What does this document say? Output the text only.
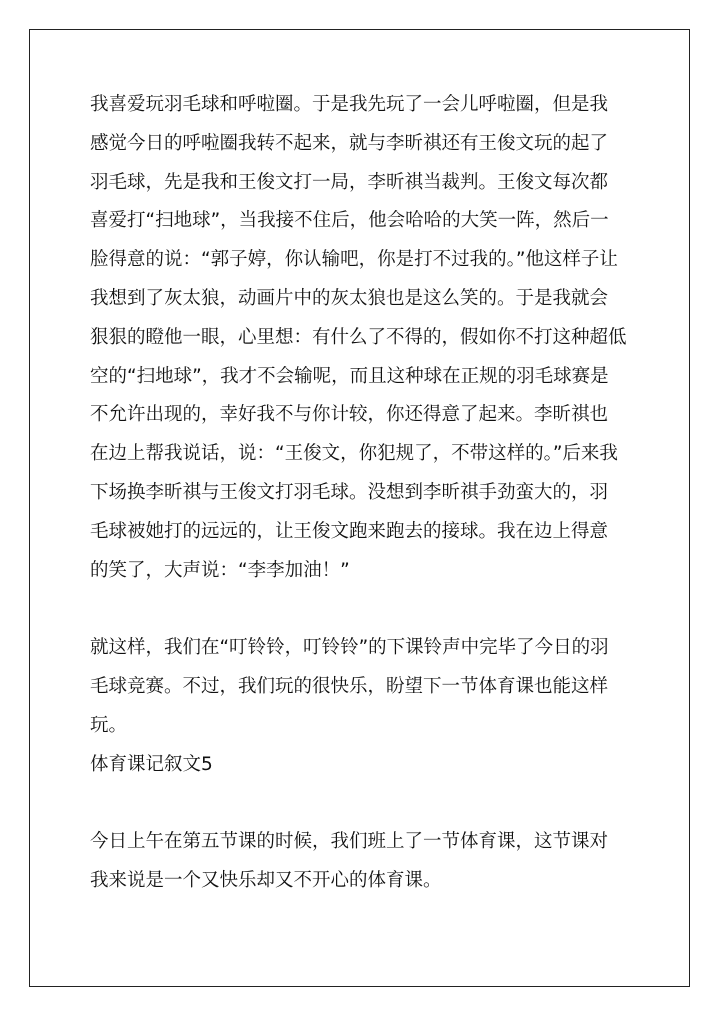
我喜爱玩羽毛球和呼啦圈。于是我先玩了一会儿呼啦圈，但是我
感觉今日的呼啦圈我转不起来，就与李昕祺还有王俊文玩的起了
羽毛球，先是我和王俊文打一局，李昕祺当裁判。王俊文每次都
喜爱打“扫地球”，当我接不住后，他会哈哈的大笑一阵，然后一
脸得意的说：“郭子婷，你认输吧，你是打不过我的。”他这样子让
我想到了灰太狼，动画片中的灰太狼也是这么笑的。于是我就会
狠狠的瞪他一眼，心里想：有什么了不得的，假如你不打这种超低
空的“扫地球”，我才不会输呢，而且这种球在正规的羽毛球赛是
不允许出现的，幸好我不与你计较，你还得意了起来。李昕祺也
在边上帮我说话，说：“王俊文，你犯规了，不带这样的。”后来我
下场换李昕祺与王俊文打羽毛球。没想到李昕祺手劲蛮大的，羽
毛球被她打的远远的，让王俊文跑来跑去的接球。我在边上得意
的笑了，大声说：“李李加油！”
就这样，我们在“叮铃铃，叮铃铃”的下课铃声中完毕了今日的羽
毛球竞赛。不过，我们玩的很快乐，盼望下一节体育课也能这样
玩。
体育课记叙文5
今日上午在第五节课的时候，我们班上了一节体育课，这节课对
我来说是一个又快乐却又不开心的体育课。
